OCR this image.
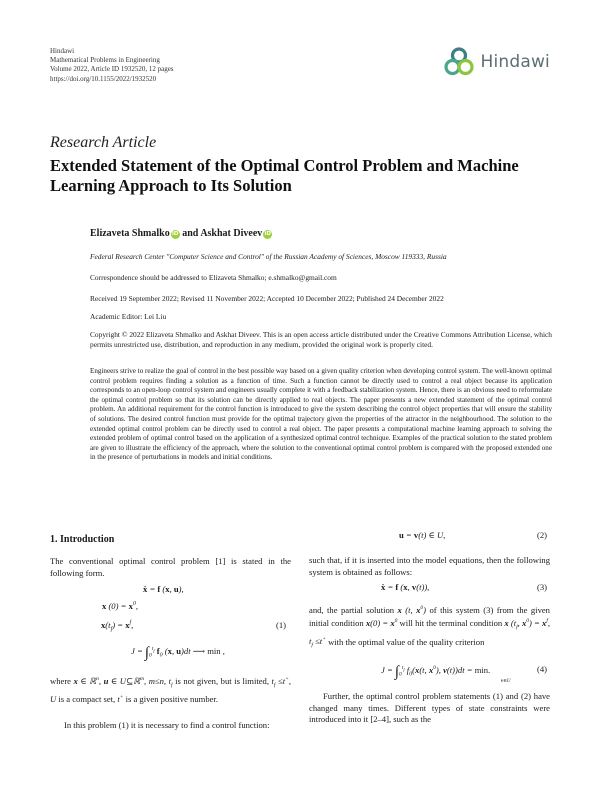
Hindawi
Mathematical Problems in Engineering
Volume 2022, Article ID 1932520, 12 pages
https://doi.org/10.1155/2022/1932520
Hindawi
Research Article
Extended Statement of the Optimal Control Problem and Machine Learning Approach to Its Solution
Elizaveta Shmalko iD and Askhat Diveev iD
Federal Research Center "Computer Science and Control" of the Russian Academy of Sciences, Moscow 119333, Russia
Correspondence should be addressed to Elizaveta Shmalko; e.shmalko@gmail.com
Received 19 September 2022; Revised 11 November 2022; Accepted 10 December 2022; Published 24 December 2022
Academic Editor: Lei Liu
Copyright © 2022 Elizaveta Shmalko and Askhat Diveev. This is an open access article distributed under the Creative Commons Attribution License, which permits unrestricted use, distribution, and reproduction in any medium, provided the original work is properly cited.
Engineers strive to realize the goal of control in the best possible way based on a given quality criterion when developing control system. The well-known optimal control problem requires finding a solution as a function of time. Such a function cannot be directly used to control a real object because its application corresponds to an open-loop control system and engineers usually complete it with a feedback stabilization system. Hence, there is an obvious need to reformulate the optimal control problem so that its solution can be directly applied to real objects. The paper presents a new extended statement of the optimal control problem. An additional requirement for the control function is introduced to give the system describing the control object properties that will ensure the stability of solutions. The desired control function must provide for the optimal trajectory given the properties of the attractor in the neighbourhood. The solution to the extended optimal control problem can be directly used to control a real object. The paper presents a computational machine learning approach to solving the extended problem of optimal control based on the application of a synthesized optimal control technique. Examples of the practical solution to the stated problem are given to illustrate the efficiency of the approach, where the solution to the conventional optimal control problem is compared with the proposed extended one in the presence of perturbations in models and initial conditions.
1. Introduction
The conventional optimal control problem [1] is stated in the following form.
ẋ = f (x, u),
x $(0) = x^0$,
$x(t_f) = x^f$,	(1)
$J = \int_0^{t_f}$ $f_0$ (x, u)dt ⟶ min ,
where x ∈ ℝ$^n$, u ∈ U⊆ℝ$^m$, m≤n, $t_f$ is not given, but is limited, $t_f \le t^+$, U is a compact set, t+ is a given positive number.
In this problem (1) it is necessary to find a control function:
u = v(t) ∈ U,	(2)
such that, if it is inserted into the model equations, then the following system is obtained as follows:
ẋ = f (x, v(t)),	(3)
and, the partial solution x (t, $x^0$) of this system (3) from the given initial condition $x(0) = x^0$ will hit the terminal condition x ($t_f$, $x^0) = x^f$, $t_f \le t^+$ with the optimal value of the quality criterion
$J = \int_0^{t_f}$ $f_0(x(t$, $x^0$), v(t))dt = min.
v∈U
(4)
Further, the optimal control problem statements (1) and (2) have changed many times. Different types of state constraints were introduced into it [2–4], such as the
